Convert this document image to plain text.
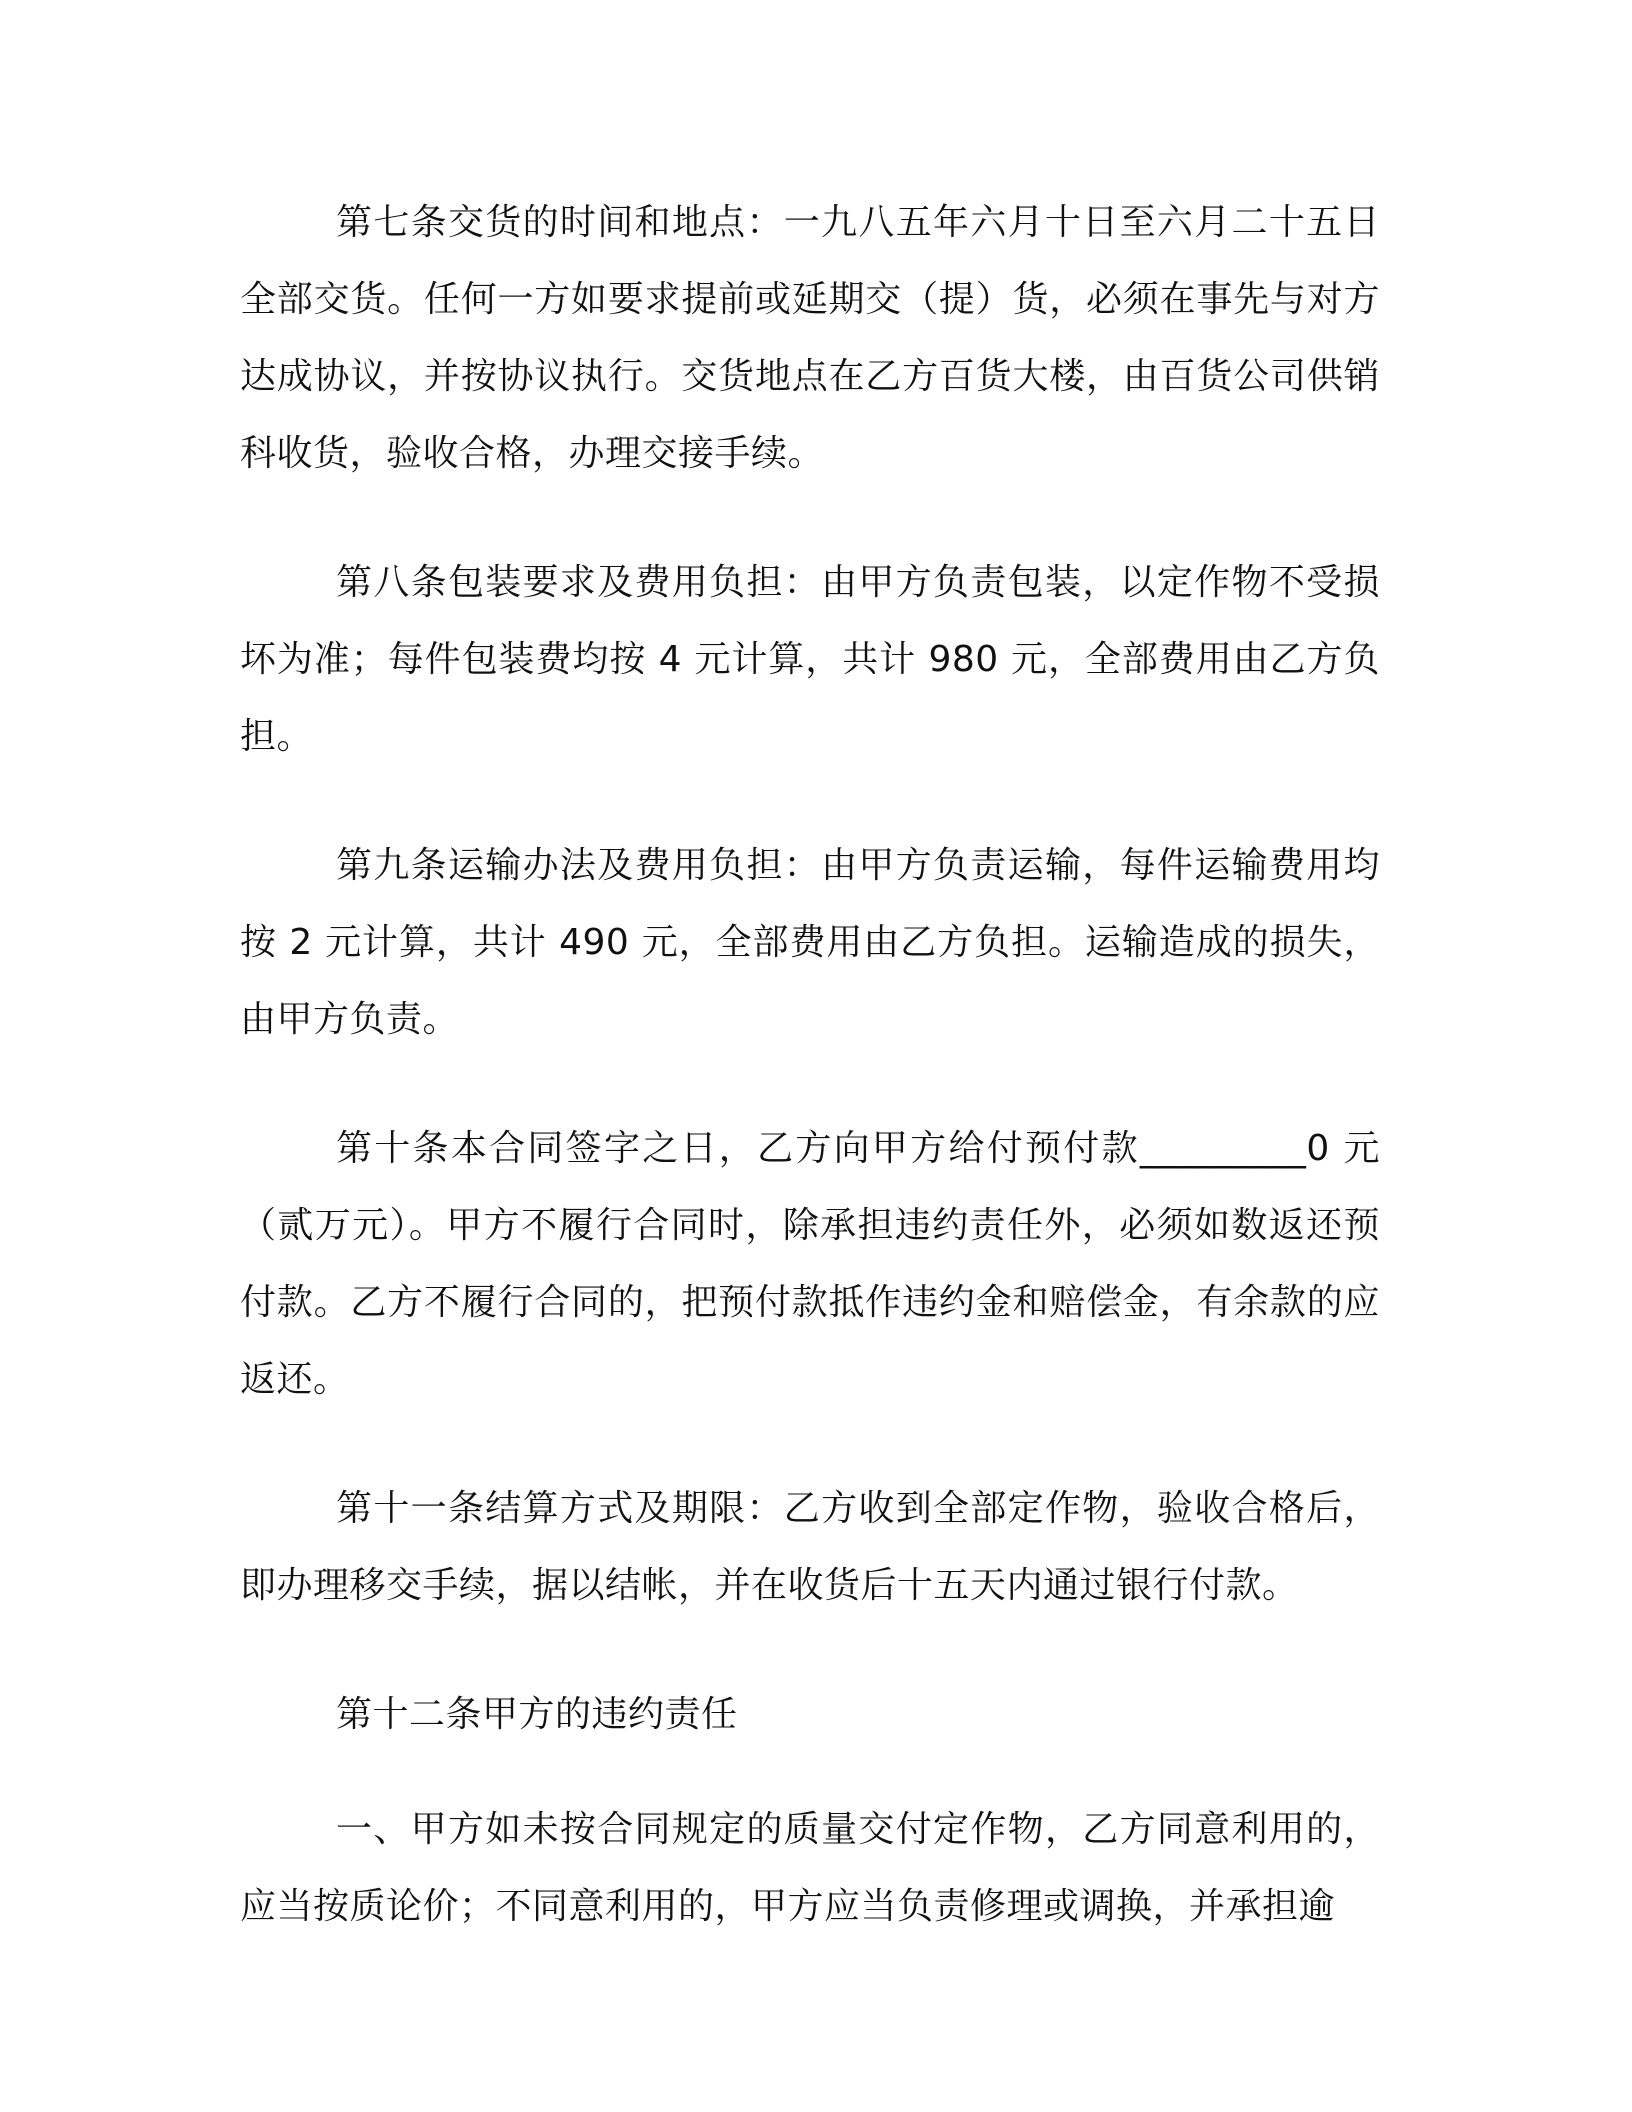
第七条交货的时间和地点：一九八五年六月十日至六月二十五日全部交货。任何一方如要求提前或延期交（提）货，必须在事先与对方达成协议，并按协议执行。交货地点在乙方百货大楼，由百货公司供销科收货，验收合格，办理交接手续。

第八条包装要求及费用负担：由甲方负责包装，以定作物不受损坏为准；每件包装费均按 4 元计算，共计 980 元，全部费用由乙方负担。

第九条运输办法及费用负担：由甲方负责运输，每件运输费用均按 2 元计算，共计 490 元，全部费用由乙方负担。运输造成的损失，由甲方负责。

第十条本合同签字之日，乙方向甲方给付预付款_________0 元（贰万元）。甲方不履行合同时，除承担违约责任外，必须如数返还预付款。乙方不履行合同的，把预付款抵作违约金和赔偿金，有余款的应返还。

第十一条结算方式及期限：乙方收到全部定作物，验收合格后，即办理移交手续，据以结帐，并在收货后十五天内通过银行付款。

第十二条甲方的违约责任

一、甲方如未按合同规定的质量交付定作物，乙方同意利用的，应当按质论价；不同意利用的，甲方应当负责修理或调换，并承担逾
